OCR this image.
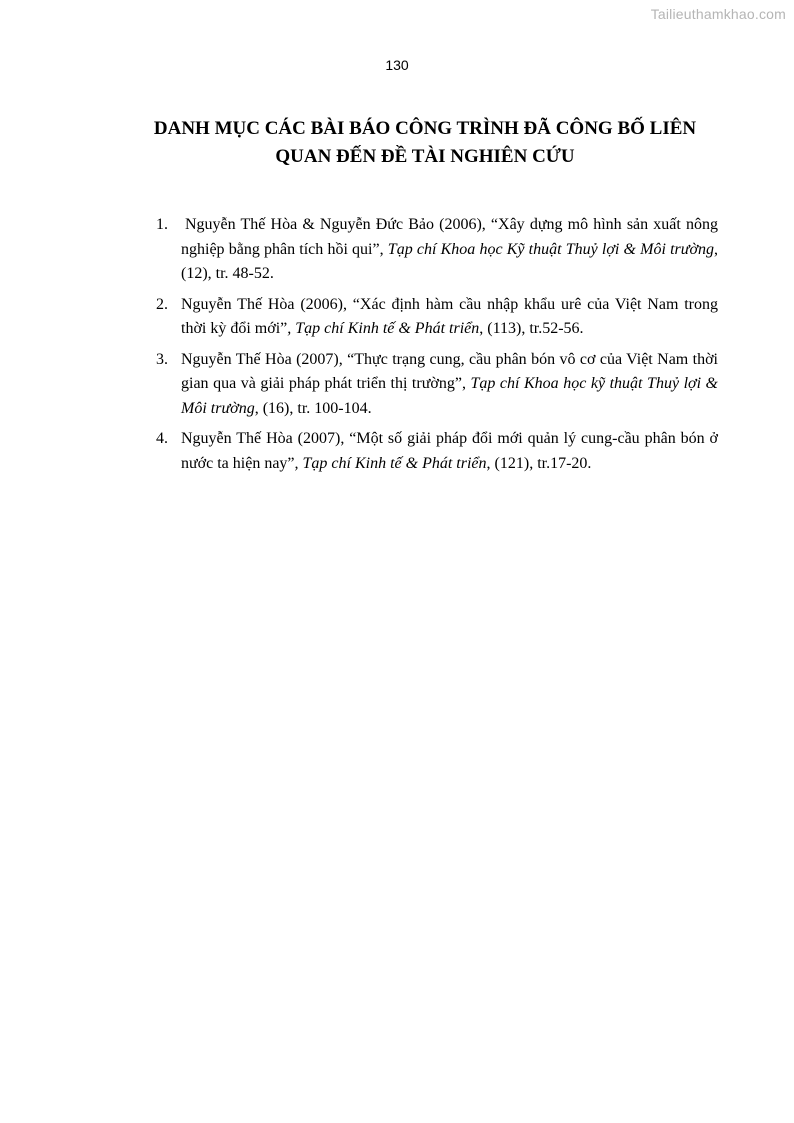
Tailieuthamkhao.com
130
DANH MỤC CÁC BÀI BÁO CÔNG TRÌNH ĐÃ CÔNG BỐ LIÊN
QUAN ĐẾN ĐỀ TÀI NGHIÊN CỨU
1. Nguyễn Thế Hòa & Nguyễn Đức Bảo (2006), “Xây dựng mô hình sản xuất nông nghiệp bằng phân tích hồi qui”, Tạp chí Khoa học Kỹ thuật Thuỷ lợi & Môi trường, (12), tr. 48-52.
2. Nguyễn Thế Hòa (2006), “Xác định hàm cầu nhập khẩu urê của Việt Nam trong thời kỳ đổi mới”, Tạp chí Kinh tế & Phát triển, (113), tr.52-56.
3. Nguyễn Thế Hòa (2007), “Thực trạng cung, cầu phân bón vô cơ của Việt Nam thời gian qua và giải pháp phát triển thị trường”, Tạp chí Khoa học kỹ thuật Thuỷ lợi & Môi trường, (16), tr. 100-104.
4. Nguyễn Thế Hòa (2007), “Một số giải pháp đổi mới quản lý cung-cầu phân bón ở nước ta hiện nay”, Tạp chí Kinh tế & Phát triển, (121), tr.17-20.
